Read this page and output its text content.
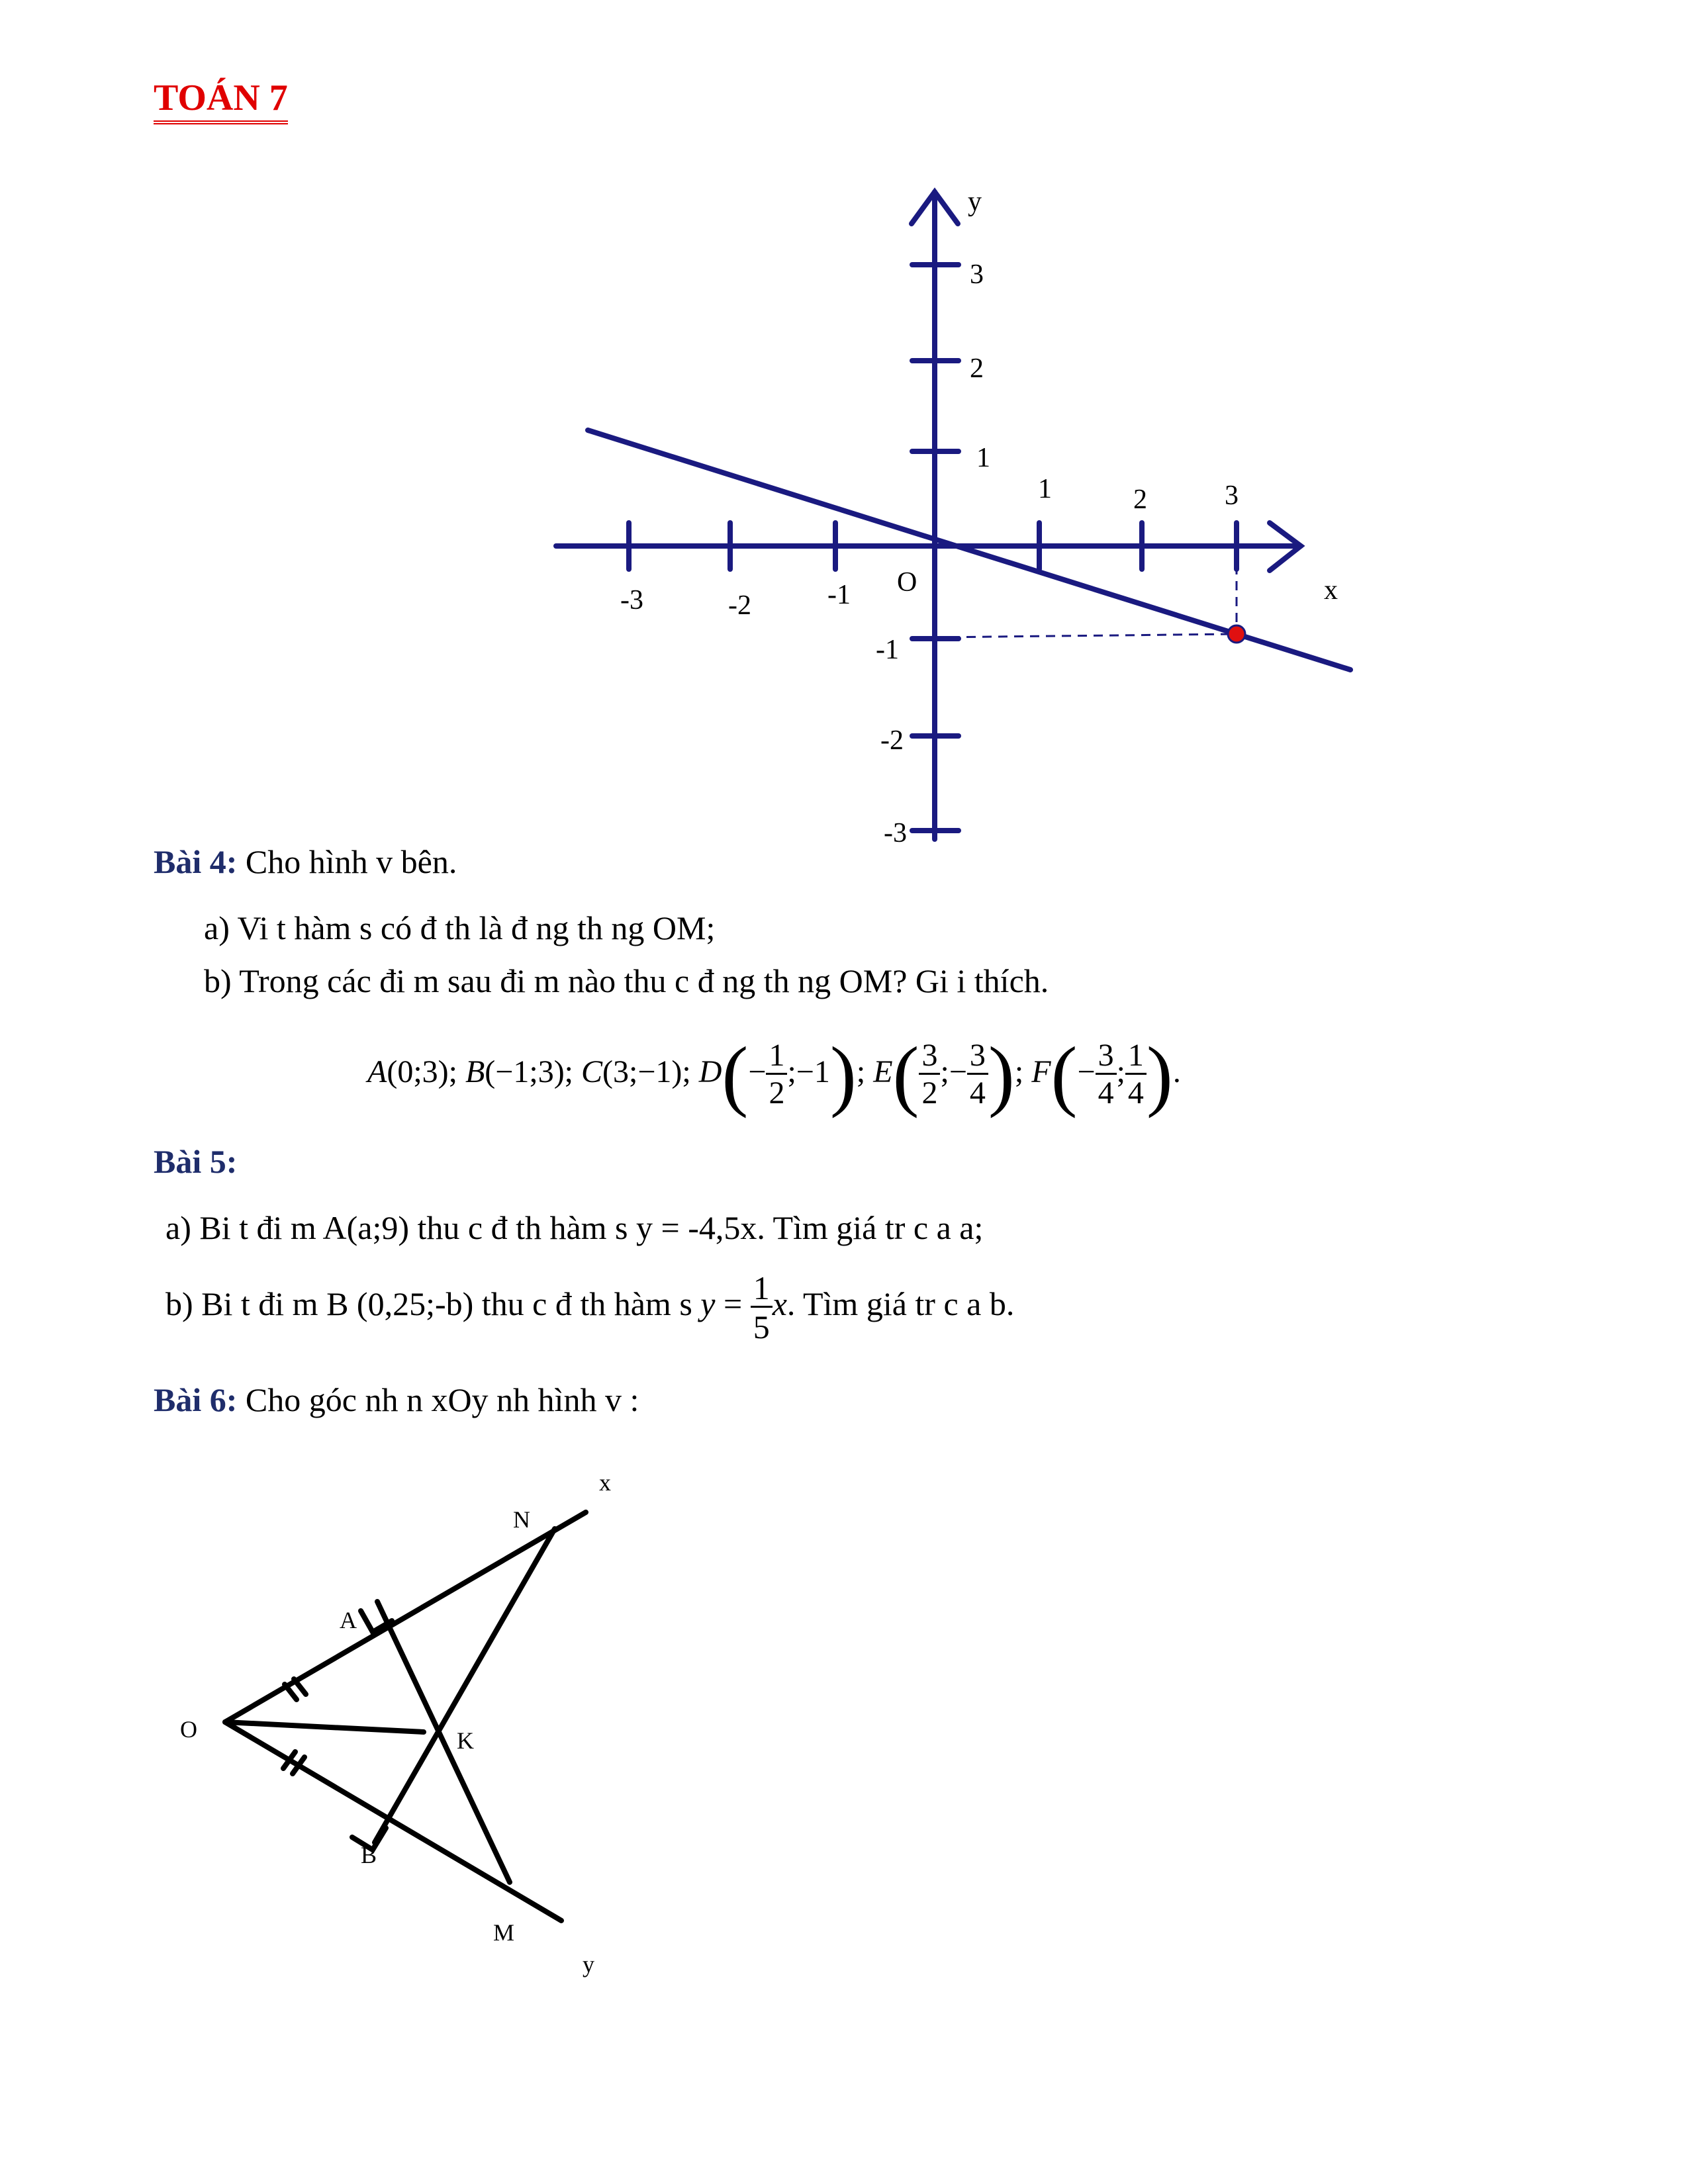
TOÁN 7
y
x
O
-3	-2	-1
1	2	3
3
2
1
-1
-2
-3
Bài 4: Cho hình v bên.
a) Vi t hàm s có đ th là đ ng th ng OM;
b) Trong các đi m sau đi m nào thu c đ ng th ng OM? Gi i thích.
A(0;3); B(−1;3); C(3;−1); $D(- \frac{1}{2}$ ;−1); $E( \frac{3}{2}$ ;− $\frac{3}{4}$ ); $F(- \frac{3}{4}$ ; $\frac{1}{4}$ ).
Bài 5:
a) Bi t đi m A(a;9) thu c đ th hàm s y = -4,5x. Tìm giá tr c a a;
b) Bi t đi m B (0,25;-b) thu c đ th hàm s $y = \frac{1}{5} x$. Tìm giá tr c a b.
Bài 6: Cho góc nh n xOy nh hình v :
x
N
A
O	K
B
M
y
